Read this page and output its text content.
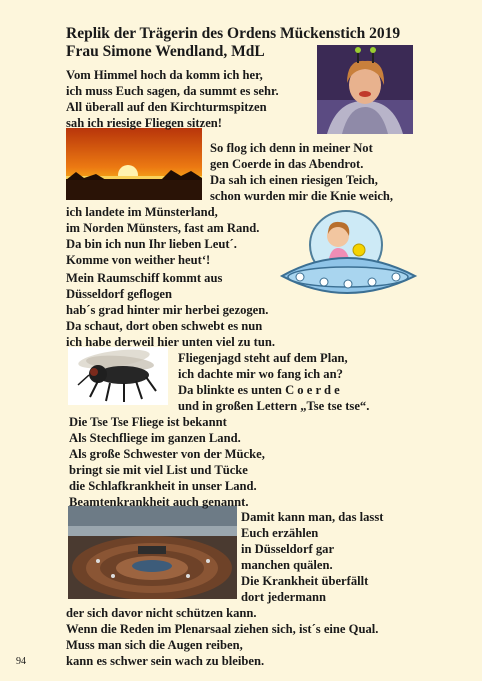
Replik der Trägerin des Ordens Mückenstich 2019
Frau Simone Wendland, MdL
Vom Himmel hoch da komm ich her,
ich muss Euch sagen, da summt es sehr.
All überall auf den Kirchturmspitzen
sah ich riesige Fliegen sitzen!
So flog ich denn in meiner Not
gen Coerde in das Abendrot.
Da sah ich einen riesigen Teich,
schon wurden mir die Knie weich,
ich landete im Münsterland,
im Norden Münsters, fast am Rand.
Da bin ich nun Ihr lieben Leut´.
Komme von weither heut‘!
Mein Raumschiff kommt aus
Düsseldorf geflogen
hab´s grad hinter mir herbei gezogen.
Da schaut, dort oben schwebt es nun
ich habe derweil hier unten viel zu tun.
Fliegenjagd steht auf dem Plan,
ich dachte mir wo fang ich an?
Da blinkte es unten C o e r d e
und in großen Lettern „Tse tse tse“.
Die Tse Tse Fliege ist bekannt
Als Stechfliege im ganzen Land.
Als große Schwester von der Mücke,
bringt sie mit viel List und Tücke
die Schlafkrankheit in unser Land.
Beamtenkrankheit auch genannt.
Damit kann man, das lasst
Euch erzählen
in Düsseldorf gar
manchen quälen.
Die Krankheit überfällt
dort jedermann
der sich davor nicht schützen kann.
Wenn die Reden im Plenarsaal ziehen sich, ist´s eine Qual.
Muss man sich die Augen reiben,
kann es schwer sein wach zu bleiben.
94
